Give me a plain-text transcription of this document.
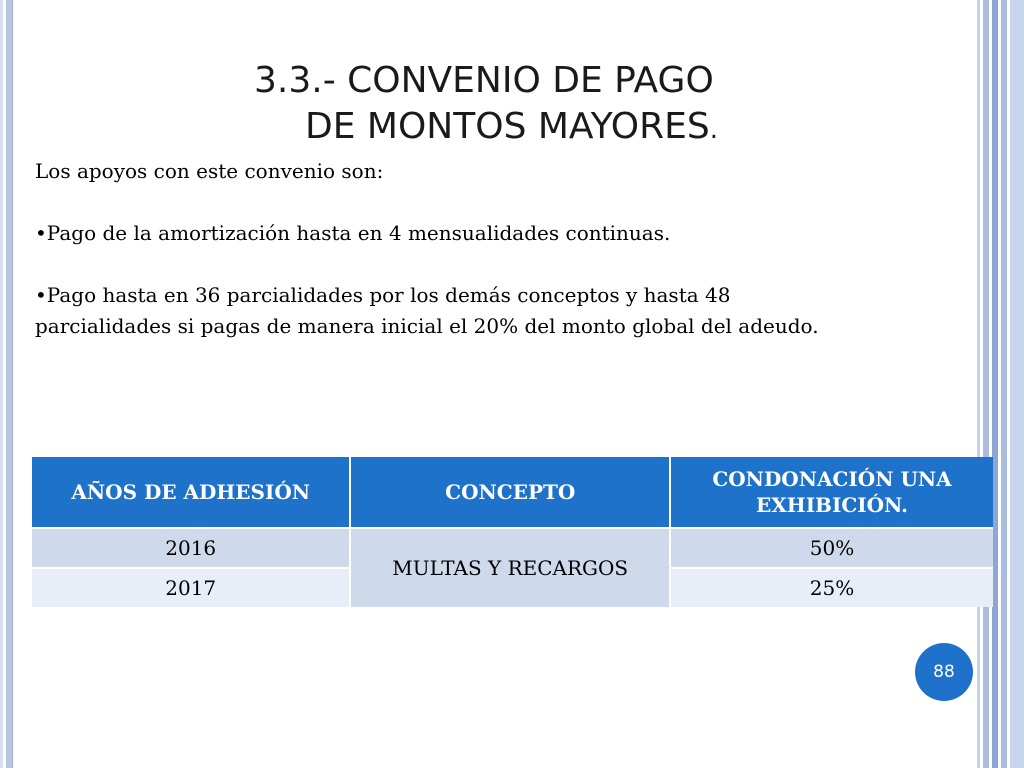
3.3.- CONVENIO DE PAGO
DE MONTOS MAYORES.

Los apoyos con este convenio son:

•Pago de la amortización hasta en 4 mensualidades continuas.

•Pago hasta en 36 parcialidades por los demás conceptos y hasta 48

parcialidades si pagas de manera inicial el 20% del monto global del adeudo.

AÑOS DE ADHESIÓN	CONCEPTO	CONDONACIÓN UNA EXHIBICIÓN.
2016	MULTAS Y RECARGOS	50%
2017		25%
88
